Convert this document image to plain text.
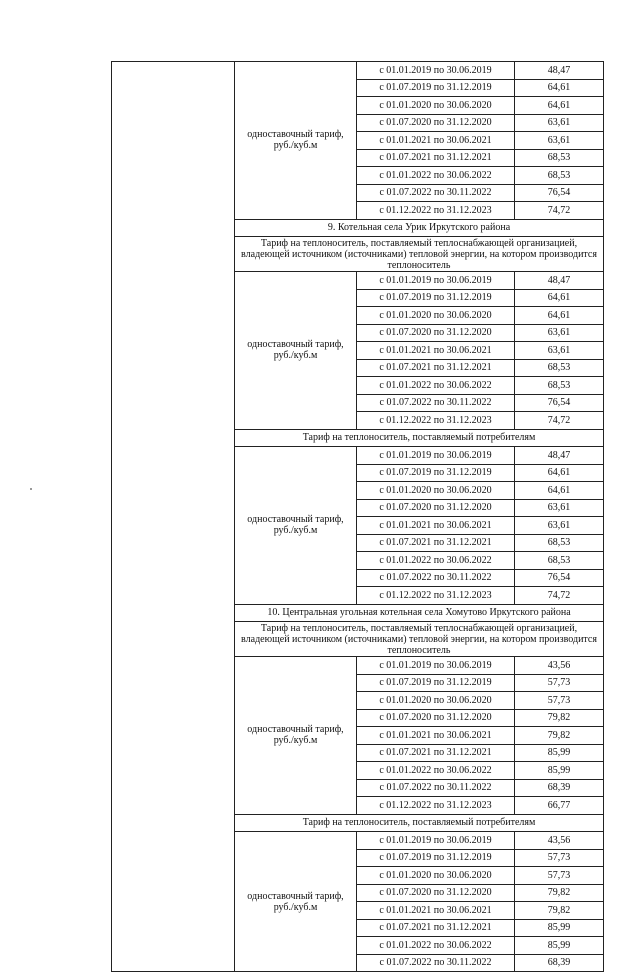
	одноставочный тариф, руб./куб.м	с 01.01.2019 по 30.06.2019	48,47
		с 01.07.2019 по 31.12.2019	64,61
		с 01.01.2020 по 30.06.2020	64,61
		с 01.07.2020 по 31.12.2020	63,61
		с 01.01.2021 по 30.06.2021	63,61
		с 01.07.2021 по 31.12.2021	68,53
		с 01.01.2022 по 30.06.2022	68,53
		с 01.07.2022 по 30.11.2022	76,54
		с 01.12.2022 по 31.12.2023	74,72
	9. Котельная села Урик Иркутского района		
	Тариф на теплоноситель, поставляемый теплоснабжающей организацией, владеющей источником (источниками) тепловой энергии, на котором производится теплоноситель		
	одноставочный тариф, руб./куб.м	с 01.01.2019 по 30.06.2019	48,47
		с 01.07.2019 по 31.12.2019	64,61
		с 01.01.2020 по 30.06.2020	64,61
		с 01.07.2020 по 31.12.2020	63,61
		с 01.01.2021 по 30.06.2021	63,61
		с 01.07.2021 по 31.12.2021	68,53
		с 01.01.2022 по 30.06.2022	68,53
		с 01.07.2022 по 30.11.2022	76,54
		с 01.12.2022 по 31.12.2023	74,72
	Тариф на теплоноситель, поставляемый потребителям		
	одноставочный тариф, руб./куб.м	с 01.01.2019 по 30.06.2019	48,47
		с 01.07.2019 по 31.12.2019	64,61
		с 01.01.2020 по 30.06.2020	64,61
		с 01.07.2020 по 31.12.2020	63,61
		с 01.01.2021 по 30.06.2021	63,61
		с 01.07.2021 по 31.12.2021	68,53
		с 01.01.2022 по 30.06.2022	68,53
		с 01.07.2022 по 30.11.2022	76,54
		с 01.12.2022 по 31.12.2023	74,72
	10. Центральная угольная котельная села Хомутово Иркутского района		
	Тариф на теплоноситель, поставляемый теплоснабжающей организацией, владеющей источником (источниками) тепловой энергии, на котором производится теплоноситель		
	одноставочный тариф, руб./куб.м	с 01.01.2019 по 30.06.2019	43,56
		с 01.07.2019 по 31.12.2019	57,73
		с 01.01.2020 по 30.06.2020	57,73
		с 01.07.2020 по 31.12.2020	79,82
		с 01.01.2021 по 30.06.2021	79,82
		с 01.07.2021 по 31.12.2021	85,99
		с 01.01.2022 по 30.06.2022	85,99
		с 01.07.2022 по 30.11.2022	68,39
		с 01.12.2022 по 31.12.2023	66,77
	Тариф на теплоноситель, поставляемый потребителям		
	одноставочный тариф, руб./куб.м	с 01.01.2019 по 30.06.2019	43,56
		с 01.07.2019 по 31.12.2019	57,73
		с 01.01.2020 по 30.06.2020	57,73
		с 01.07.2020 по 31.12.2020	79,82
		с 01.01.2021 по 30.06.2021	79,82
		с 01.07.2021 по 31.12.2021	85,99
		с 01.01.2022 по 30.06.2022	85,99
		с 01.07.2022 по 30.11.2022	68,39
